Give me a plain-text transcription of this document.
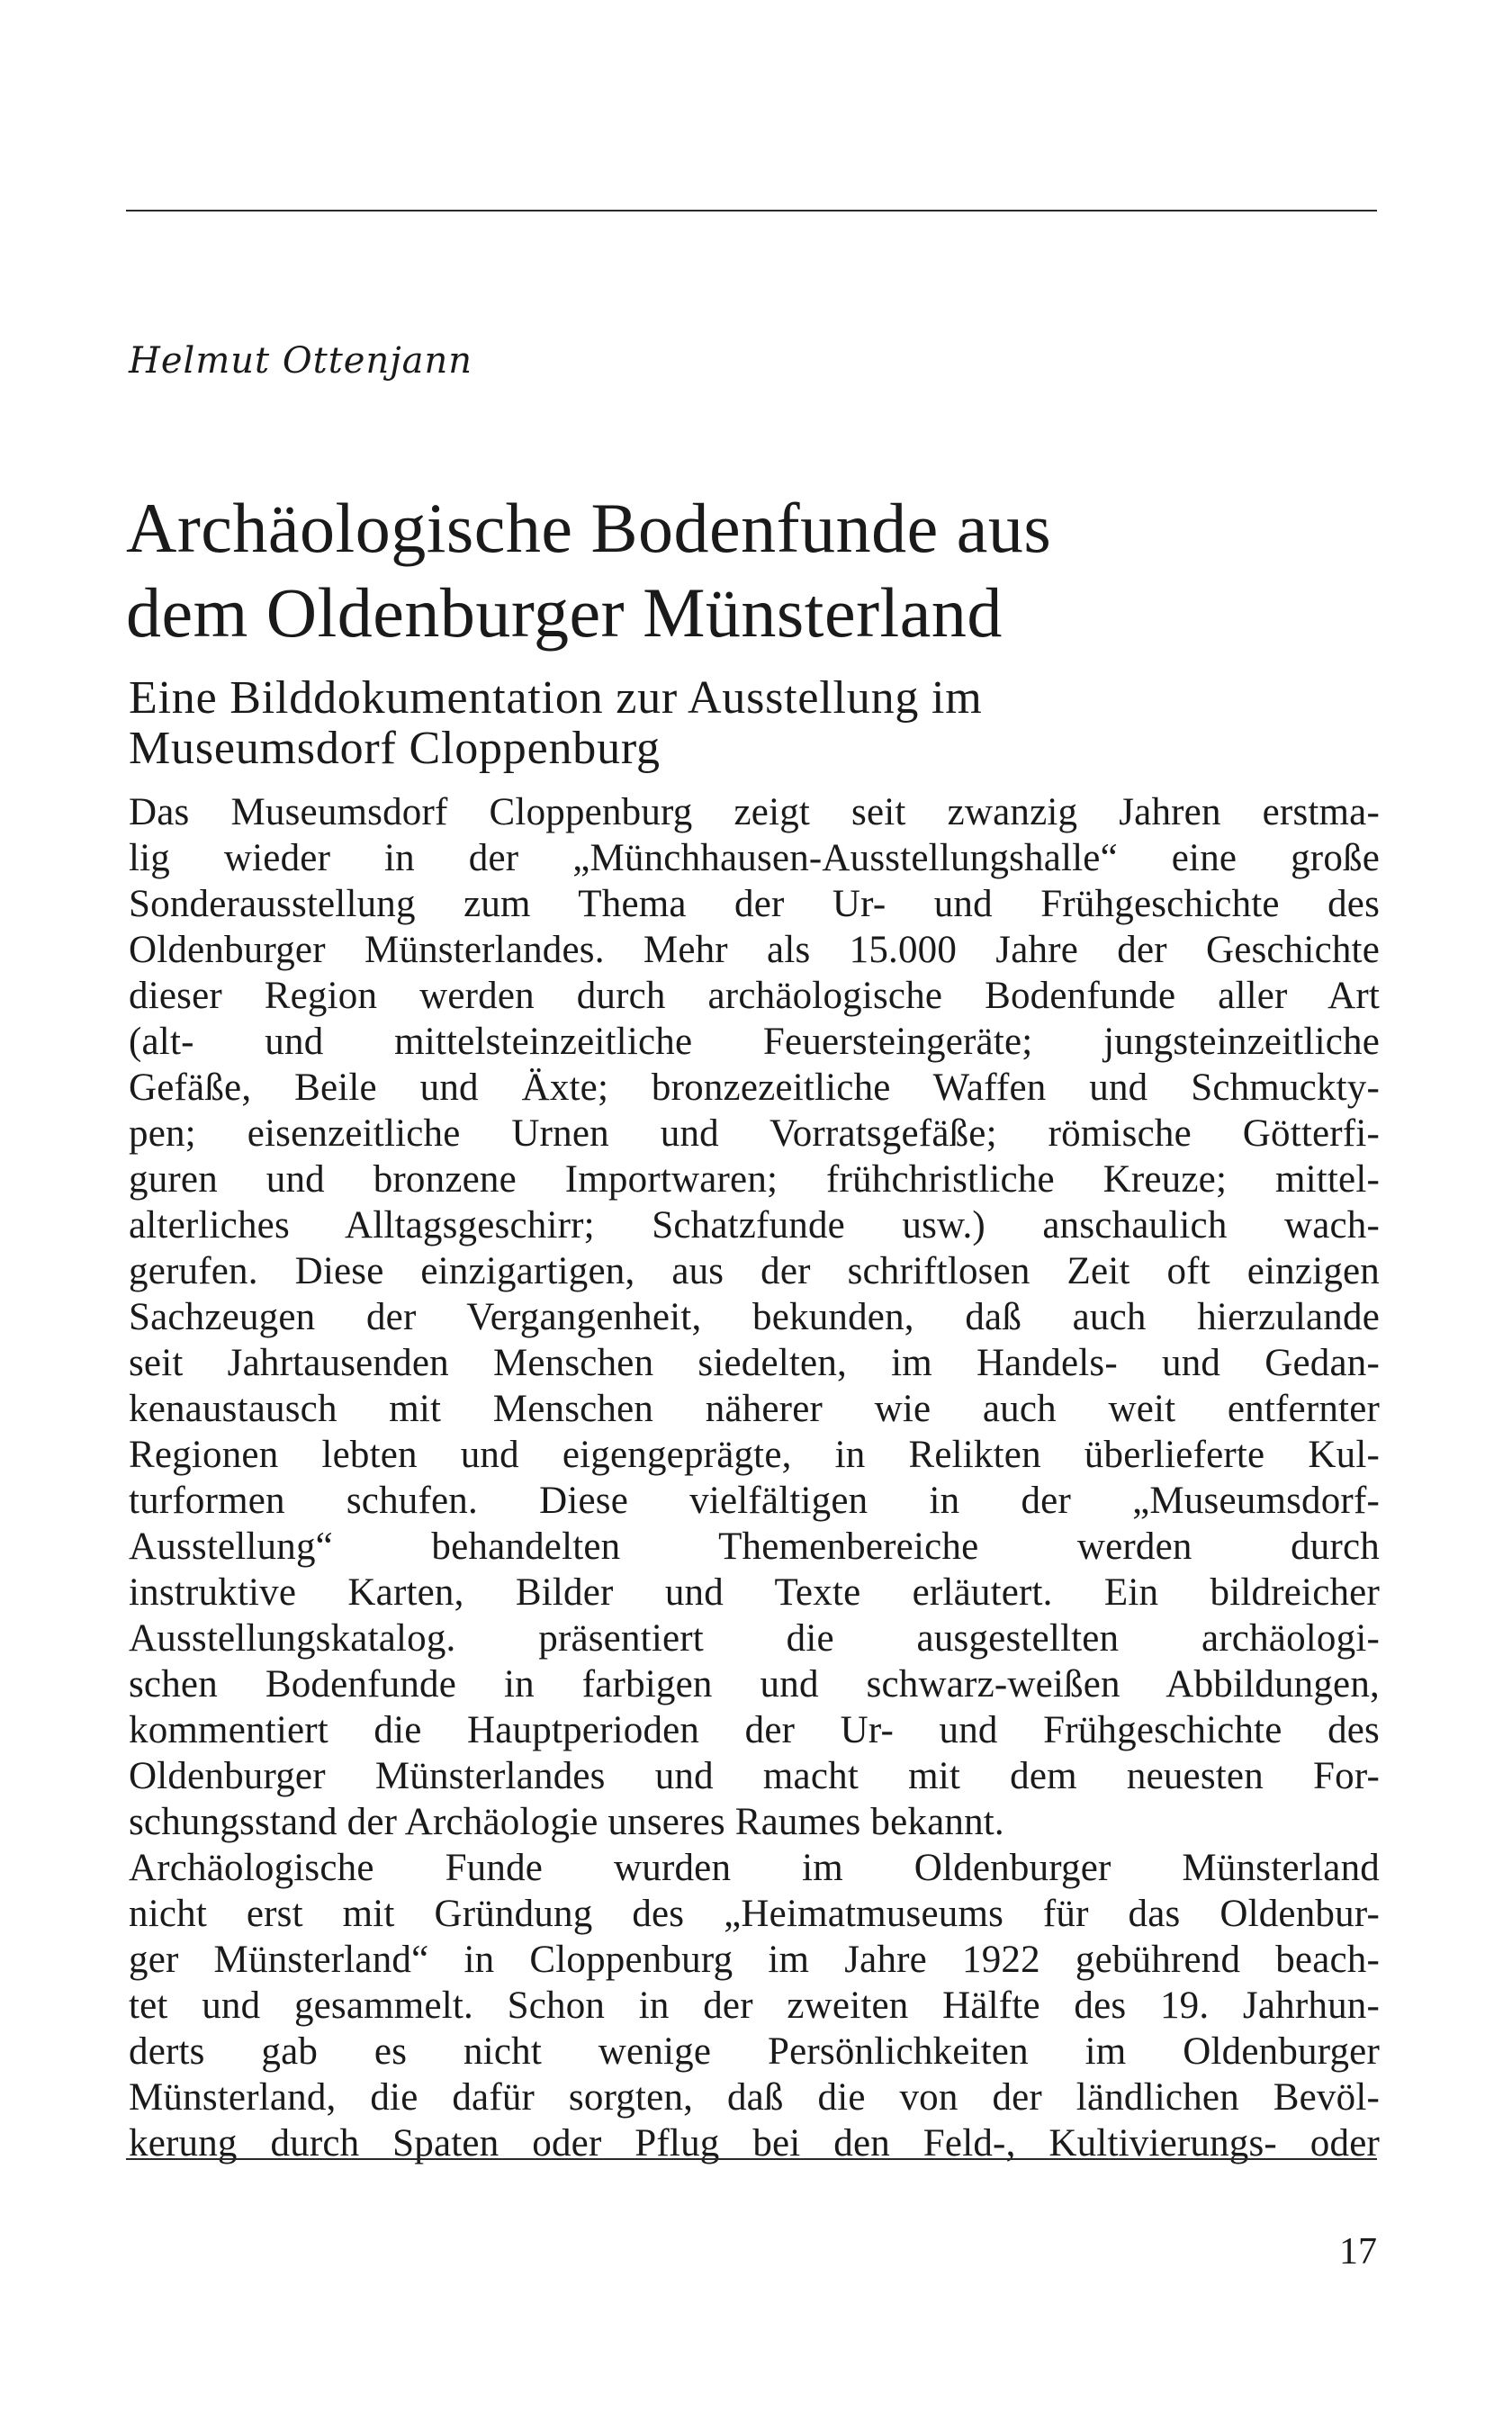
Helmut Ottenjann

Archäologische Bodenfunde aus
dem Oldenburger Münsterland
Eine Bilddokumentation zur Ausstellung im
Museumsdorf Cloppenburg
Das Museumsdorf Cloppenburg zeigt seit zwanzig Jahren erstma-
lig wieder in der „Münchhausen-Ausstellungshalle“ eine große
Sonderausstellung zum Thema der Ur- und Frühgeschichte des
Oldenburger Münsterlandes. Mehr als 15.000 Jahre der Geschichte
dieser Region werden durch archäologische Bodenfunde aller Art
(alt- und mittelsteinzeitliche Feuersteingeräte; jungsteinzeitliche
Gefäße, Beile und Äxte; bronzezeitliche Waffen und Schmuckty-
pen; eisenzeitliche Urnen und Vorratsgefäße; römische Götterfi-
guren und bronzene Importwaren; frühchristliche Kreuze; mittel-
alterliches Alltagsgeschirr; Schatzfunde usw.) anschaulich wach-
gerufen. Diese einzigartigen, aus der schriftlosen Zeit oft einzigen
Sachzeugen der Vergangenheit, bekunden, daß auch hierzulande
seit Jahrtausenden Menschen siedelten, im Handels- und Gedan-
kenaustausch mit Menschen näherer wie auch weit entfernter
Regionen lebten und eigengeprägte, in Relikten überlieferte Kul-
turformen schufen. Diese vielfältigen in der „Museumsdorf-
Ausstellung“ behandelten Themenbereiche werden durch
instruktive Karten, Bilder und Texte erläutert. Ein bildreicher
Ausstellungskatalog. präsentiert die ausgestellten archäologi-
schen Bodenfunde in farbigen und schwarz-weißen Abbildungen,
kommentiert die Hauptperioden der Ur- und Frühgeschichte des
Oldenburger Münsterlandes und macht mit dem neuesten For-
schungsstand der Archäologie unseres Raumes bekannt.
Archäologische Funde wurden im Oldenburger Münsterland
nicht erst mit Gründung des „Heimatmuseums für das Oldenbur-
ger Münsterland“ in Cloppenburg im Jahre 1922 gebührend beach-
tet und gesammelt. Schon in der zweiten Hälfte des 19. Jahrhun-
derts gab es nicht wenige Persönlichkeiten im Oldenburger
Münsterland, die dafür sorgten, daß die von der ländlichen Bevöl-
kerung durch Spaten oder Pflug bei den Feld-, Kultivierungs- oder

17
